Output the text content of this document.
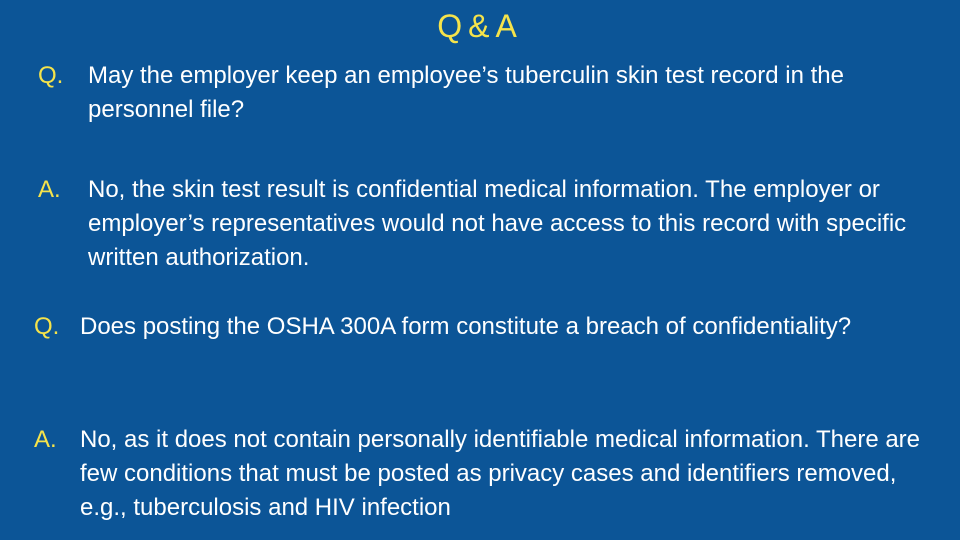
Q&A
Q.	May the employer keep an employee’s tuberculin skin test record in the personnel file?
A.	No, the skin test result is confidential medical information. The employer or employer’s representatives would not have access to this record with specific written authorization.
Q. Does posting the OSHA 300A form constitute a breach of confidentiality?
A. No, as it does not contain personally identifiable medical information. There are few conditions that must be posted as privacy cases and identifiers removed, e.g., tuberculosis and HIV infection
